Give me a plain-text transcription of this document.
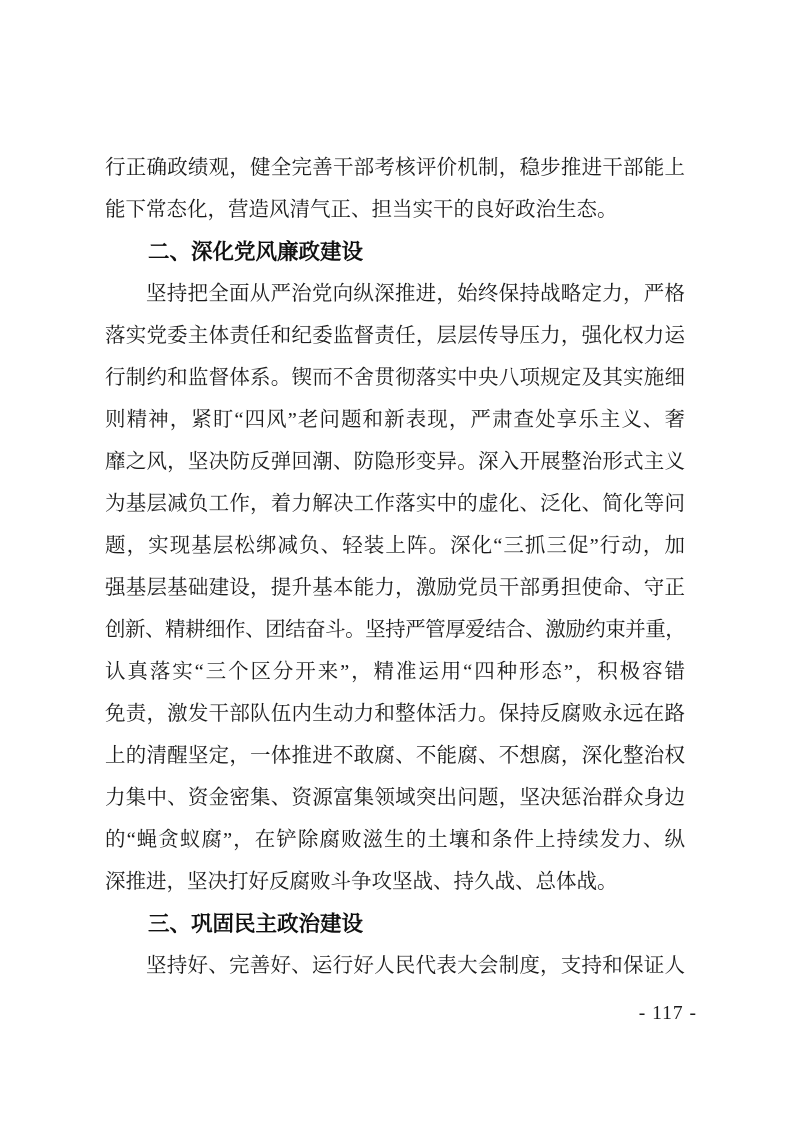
行正确政绩观，健全完善干部考核评价机制，稳步推进干部能上
能下常态化，营造风清气正、担当实干的良好政治生态。
二、深化党风廉政建设
坚持把全面从严治党向纵深推进，始终保持战略定力，严格
落实党委主体责任和纪委监督责任，层层传导压力，强化权力运
行制约和监督体系。锲而不舍贯彻落实中央八项规定及其实施细
则精神，紧盯“四风”老问题和新表现，严肃查处享乐主义、奢
靡之风，坚决防反弹回潮、防隐形变异。深入开展整治形式主义
为基层减负工作，着力解决工作落实中的虚化、泛化、简化等问
题，实现基层松绑减负、轻装上阵。深化“三抓三促”行动，加
强基层基础建设，提升基本能力，激励党员干部勇担使命、守正
创新、精耕细作、团结奋斗。坚持严管厚爱结合、激励约束并重，
认真落实“三个区分开来”，精准运用“四种形态”，积极容错
免责，激发干部队伍内生动力和整体活力。保持反腐败永远在路
上的清醒坚定，一体推进不敢腐、不能腐、不想腐，深化整治权
力集中、资金密集、资源富集领域突出问题，坚决惩治群众身边
的“蝇贪蚁腐”，在铲除腐败滋生的土壤和条件上持续发力、纵
深推进，坚决打好反腐败斗争攻坚战、持久战、总体战。
三、巩固民主政治建设
坚持好、完善好、运行好人民代表大会制度，支持和保证人
- 117 -
